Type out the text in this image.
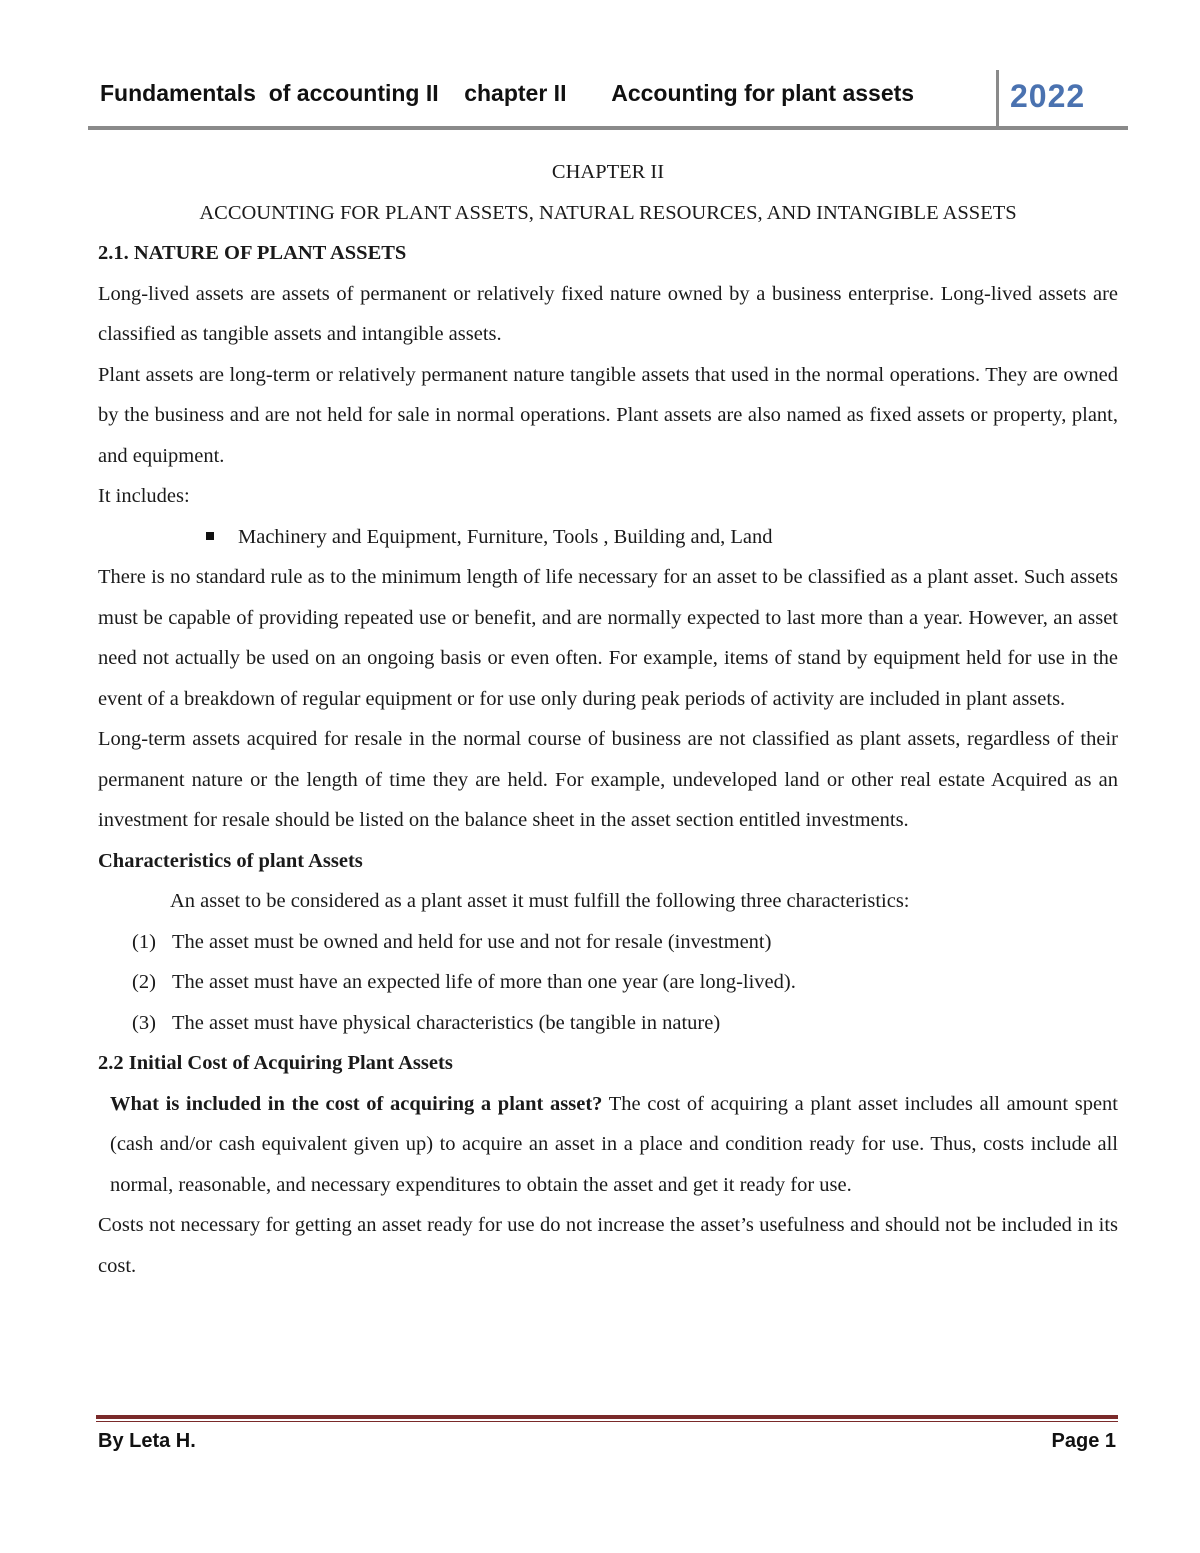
Fundamentals  of accounting II chapter II Accounting for plant assets	2022

CHAPTER II

ACCOUNTING FOR PLANT ASSETS, NATURAL RESOURCES, AND INTANGIBLE ASSETS

2.1. NATURE OF PLANT ASSETS

Long-lived assets are assets of permanent or relatively fixed nature owned by a business enterprise. Long-lived assets are classified as tangible assets and intangible assets.

Plant assets are long-term or relatively permanent nature tangible assets that used in the normal operations. They are owned by the business and are not held for sale in normal operations. Plant assets are also named as fixed assets or property, plant, and equipment.

It includes:

Machinery and Equipment, Furniture, Tools , Building and, Land

There is no standard rule as to the minimum length of life necessary for an asset to be classified as a plant asset. Such assets must be capable of providing repeated use or benefit, and are normally expected to last more than a year. However, an asset need not actually be used on an ongoing basis or even often. For example, items of stand by equipment held for use in the event of a breakdown of regular equipment or for use only during peak periods of activity are included in plant assets.

Long-term assets acquired for resale in the normal course of business are not classified as plant assets, regardless of their permanent nature or the length of time they are held. For example, undeveloped land or other real estate Acquired as an investment for resale should be listed on the balance sheet in the asset section entitled investments.

Characteristics of plant Assets

An asset to be considered as a plant asset it must fulfill the following three characteristics:

(1) The asset must be owned and held for use and not for resale (investment)

(2) The asset must have an expected life of more than one year (are long-lived).

(3) The asset must have physical characteristics (be tangible in nature)

2.2 Initial Cost of Acquiring Plant Assets

What is included in the cost of acquiring a plant asset? The cost of acquiring a plant asset includes all amount spent (cash and/or cash equivalent given up) to acquire an asset in a place and condition ready for use. Thus, costs include all normal, reasonable, and necessary expenditures to obtain the asset and get it ready for use.

Costs not necessary for getting an asset ready for use do not increase the asset’s usefulness and should not be included in its cost.

By Leta H.	Page 1
